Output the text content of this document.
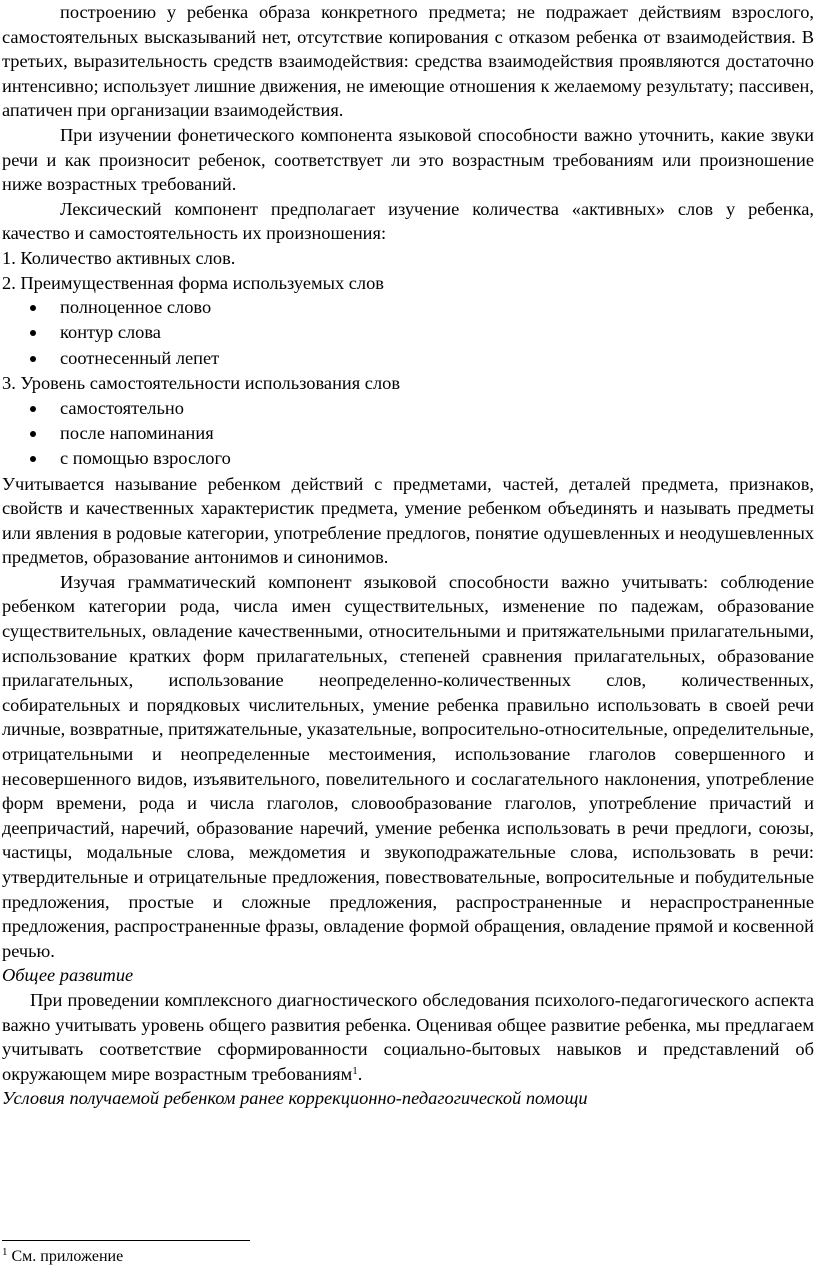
построению у ребенка образа конкретного предмета; не подражает действиям взрослого, самостоятельных высказываний нет, отсутствие копирования с отказом ребенка от взаимодействия. В третьих, выразительность средств взаимодействия: средства взаимодействия проявляются достаточно интенсивно; использует лишние движения, не имеющие отношения к желаемому результату; пассивен, апатичен при организации взаимодействия.

При изучении фонетического компонента языковой способности важно уточнить, какие звуки речи и как произносит ребенок, соответствует ли это возрастным требованиям или произношение ниже возрастных требований.

Лексический компонент предполагает изучение количества «активных» слов у ребенка, качество и самостоятельность их произношения:

1. Количество активных слов.

2. Преимущественная форма используемых слов

полноценное слово
контур слова
соотнесенный лепет

3. Уровень самостоятельности использования слов

самостоятельно
после напоминания
с помощью взрослого

Учитывается называние ребенком действий с предметами, частей, деталей предмета, признаков, свойств и качественных характеристик предмета, умение ребенком объединять и называть предметы или явления в родовые категории, употребление предлогов, понятие одушевленных и неодушевленных предметов, образование антонимов и синонимов.

Изучая грамматический компонент языковой способности важно учитывать: соблюдение ребенком категории рода, числа имен существительных, изменение по падежам, образование существительных, овладение качественными, относительными и притяжательными прилагательными, использование кратких форм прилагательных, степеней сравнения прилагательных, образование прилагательных, использование неопределенно-количественных слов, количественных, собирательных и порядковых числительных, умение ребенка правильно использовать в своей речи личные, возвратные, притяжательные, указательные, вопросительно-относительные, определительные, отрицательными и неопределенные местоимения, использование глаголов совершенного и несовершенного видов, изъявительного, повелительного и сослагательного наклонения, употребление форм времени, рода и числа глаголов, словообразование глаголов, употребление причастий и деепричастий, наречий, образование наречий, умение ребенка использовать в речи предлоги, союзы, частицы, модальные слова, междометия и звукоподражательные слова, использовать в речи: утвердительные и отрицательные предложения, повествовательные, вопросительные и побудительные предложения, простые и сложные предложения, распространенные и нераспространенные предложения, распространенные фразы, овладение формой обращения, овладение прямой и косвенной речью.

Общее развитие

При проведении комплексного диагностического обследования психолого-педагогического аспекта важно учитывать уровень общего развития ребенка. Оценивая общее развитие ребенка, мы предлагаем учитывать соответствие сформированности социально-бытовых навыков и представлений об окружающем мире возрастным требованиям$^1$.

Условия получаемой ребенком ранее коррекционно-педагогической помощи

$^1$ См. приложение
